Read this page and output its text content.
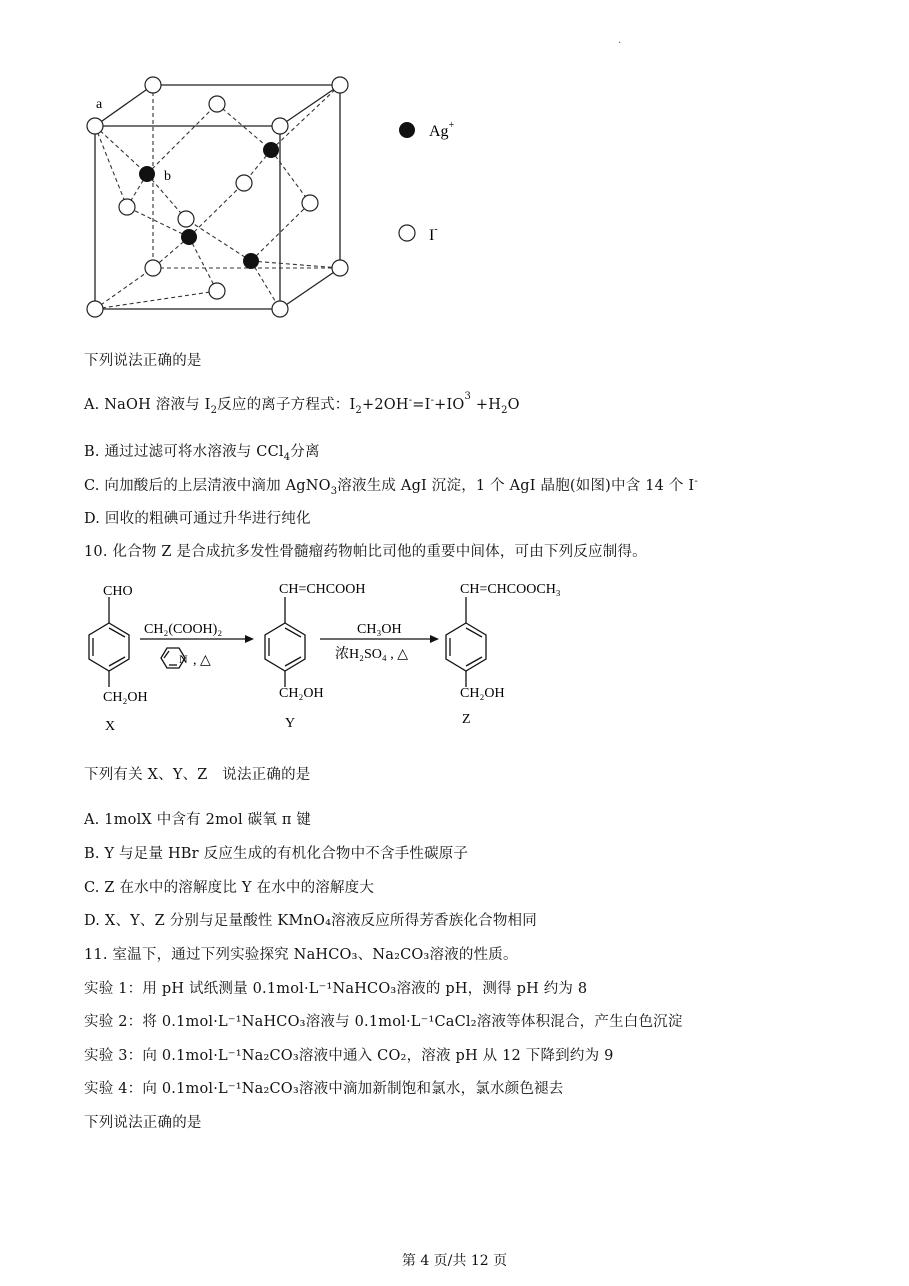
·
a
b
Ag+
I-
下列说法正确的是
A. NaOH 溶液与 $I_2$反应的离子方程式：$I_2+2OH^-=I^-+IO^3 +H_2O$
B. 通过过滤可将水溶液与 CCl$_4$分离
C. 向加酸后的上层清液中滴加 AgNO$_3$溶液生成 AgI 沉淀，1 个 AgI 晶胞(如图)中含 14 个 I-
D. 回收的粗碘可通过升华进行纯化
10. 化合物 Z 是合成抗多发性骨髓瘤药物帕比司他的重要中间体，可由下列反应制得。
CHO
CH₂OH
X
CH=CHCOOH
CH₂OH
Y
CH=CHCOOCH₃
CH₂OH
Z
CH₂(COOH)₂
N , △
CH₃OH
浓H₂SO₄ , △
下列有关 X、Y、Z　说法正确的是
A. 1molX 中含有 2mol 碳氧 π 键
B. Y 与足量 HBr 反应生成的有机化合物中不含手性碳原子
C. Z 在水中的溶解度比 Y 在水中的溶解度大
D. X、Y、Z 分别与足量酸性 KMnO₄溶液反应所得芳香族化合物相同
11. 室温下，通过下列实验探究 NaHCO₃、Na₂CO₃溶液的性质。
实验 1：用 pH 试纸测量 0.1mol·L⁻¹NaHCO₃溶液的 pH，测得 pH 约为 8
实验 2：将 0.1mol·L⁻¹NaHCO₃溶液与 0.1mol·L⁻¹CaCl₂溶液等体积混合，产生白色沉淀
实验 3：向 0.1mol·L⁻¹Na₂CO₃溶液中通入 CO₂，溶液 pH 从 12 下降到约为 9
实验 4：向 0.1mol·L⁻¹Na₂CO₃溶液中滴加新制饱和氯水，氯水颜色褪去
下列说法正确的是
第 4 页/共 12 页
